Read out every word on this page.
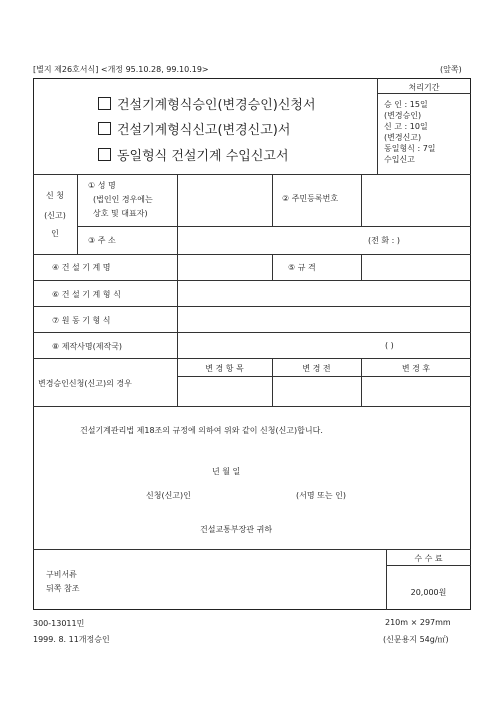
[별지 제26호서식] <개정 95.10.28, 99.10.19>	(앞쪽)
건설기계형식승인(변경승인)신청서
건설기계형식신고(변경신고)서
동일형식 건설기계 수입신고서
처리기간
승 인 : 15일
(변경승인)
신 고 : 10일
(변경신고)
동일형식 : 7일
수입신고
신 청
(신고)
인
① 성 명
(법인인 경우에는
상호 및 대표자)
② 주민등록번호
③ 주 소	(전 화 : )
④ 건 설 기 계 명	⑤ 규 격
⑥ 건 설 기 계 형 식
⑦ 원 동 기 형 식
⑧ 제작사명(제작국)	( )
변경승인신청(신고)의 경우
변 경 항 목	변 경 전	변 경 후
건설기계관리법 제18조의 규정에 의하여 위와 같이 신청(신고)합니다.
년 월 일
신청(신고)인	(서명 또는 인)
건설교통부장관 귀하
구비서류
뒤쪽 참조
수 수 료
20,000원
300-13011민	210m × 297mm
1999. 8. 11개정승인	(신문용지 54g/㎡)
